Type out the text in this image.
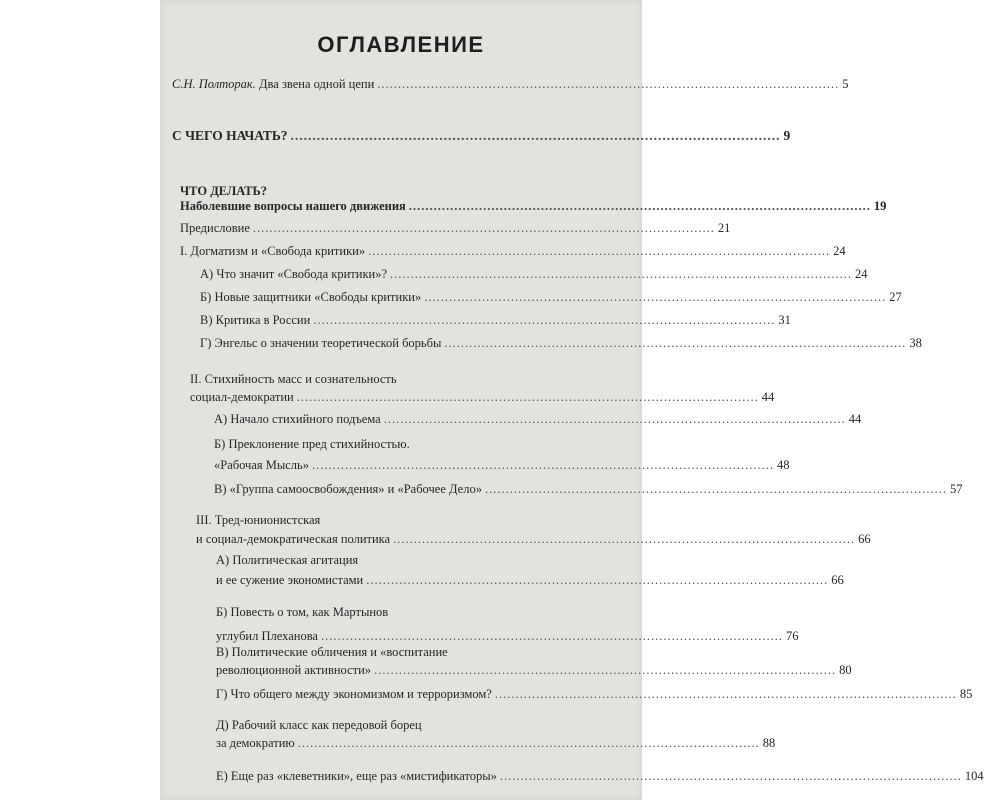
ОГЛАВЛЕНИЕ
С.Н. Полторак. Два звена одной цепи ................................................................................................................ 5
С ЧЕГО НАЧАТЬ? ................................................................................................................ 9
ЧТО ДЕЛАТЬ?
Наболевшие вопросы нашего движения ................................................................................................................ 19
Предисловие ................................................................................................................ 21
I. Догматизм и «Свобода критики» ................................................................................................................ 24
А) Что значит «Свобода критики»? ................................................................................................................ 24
Б) Новые защитники «Свободы критики» ................................................................................................................ 27
В) Критика в России ................................................................................................................ 31
Г) Энгельс о значении теоретической борьбы ................................................................................................................ 38
II. Стихийность масс и сознательность
социал-демократии ................................................................................................................ 44
А) Начало стихийного подъема ................................................................................................................ 44
Б) Преклонение пред стихийностью.
«Рабочая Мысль» ................................................................................................................ 48
В) «Группа самоосвобождения» и «Рабочее Дело» ................................................................................................................ 57
III. Тред-юнионистская
и социал-демократическая политика ................................................................................................................ 66
А) Политическая агитация
и ее сужение экономистами ................................................................................................................ 66
Б) Повесть о том, как Мартынов
углубил Плеханова ................................................................................................................ 76
В) Политические обличения и «воспитание
революционной активности» ................................................................................................................ 80
Г) Что общего между экономизмом и терроризмом? ................................................................................................................ 85
Д) Рабочий класс как передовой борец
за демократию ................................................................................................................ 88
Е) Еще раз «клеветники», еще раз «мистификаторы» ................................................................................................................ 104
